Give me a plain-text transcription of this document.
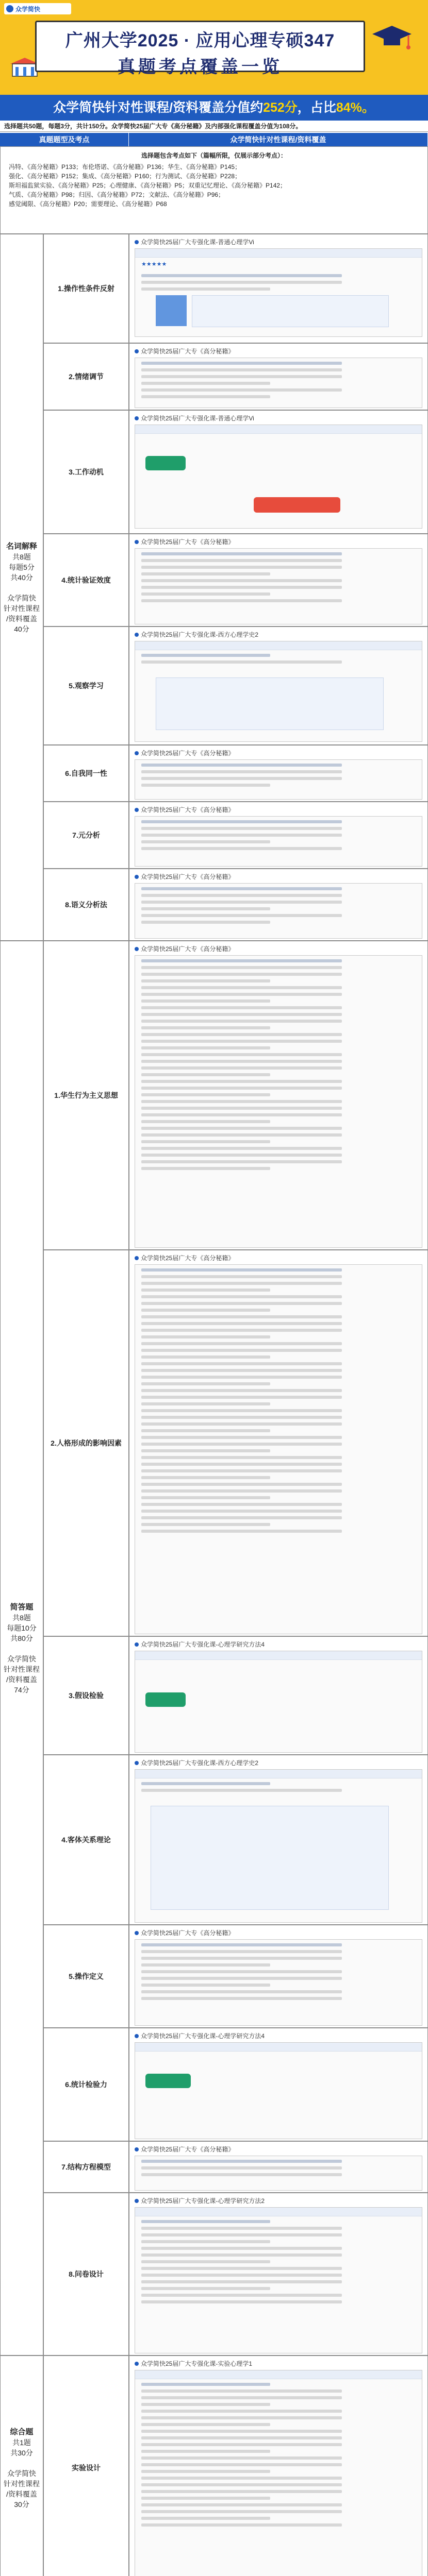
众学简快
广州大学2025 · 应用心理专硕347
真题考点覆盖一览
众学简快针对性课程/资料覆盖分值约252分，占比84%。
选择题共50题，每题3分，共计150分。众学简快25届广大专《高分秘籍》及内部强化课程覆盖分值为108分。
真题题型及考点	众学简快针对性课程/资料覆盖
选择题包含考点如下（篇幅所限，仅展示部分考点）：
冯特、《高分秘籍》P133；布伦塔诺、《高分秘籍》P136；华生、《高分秘籍》P145；
强化、《高分秘籍》P152；集成、《高分秘籍》P160；行为测试、《高分秘籍》P228；
斯坦福监狱实验、《高分秘籍》P25；心理健康、《高分秘籍》P5；双重记忆理论、《高分秘籍》P142；
气质、《高分秘籍》P98；归因、《高分秘籍》P72；文献法、《高分秘籍》P96；
感觉阈限、《高分秘籍》P20；需要理论、《高分秘籍》P68
名词解释
共8题
每题5分
共40分

众学简快
针对性课程
/资料覆盖
40分
1.操作性条件反射
众学简快25届广大专强化课-普通心理学Vi
★★★★★
2.情绪调节
众学简快25届广大专《高分秘籍》
3.工作动机
众学简快25届广大专强化课-普通心理学Vi
4.统计验证效度
众学简快25届广大专《高分秘籍》
5.观察学习
众学简快25届广大专强化课-西方心理学史2
6.自我同一性
众学简快25届广大专《高分秘籍》
7.元分析
众学简快25届广大专《高分秘籍》
8.语义分析法
众学简快25届广大专《高分秘籍》
简答题
共8题
每题10分
共80分

众学简快
针对性课程
/资料覆盖
74分
1.华生行为主义思想
众学简快25届广大专《高分秘籍》
2.人格形成的影响因素
众学简快25届广大专《高分秘籍》
3.假设检验
众学简快25届广大专强化课-心理学研究方法4
4.客体关系理论
众学简快25届广大专强化课-西方心理学史2
5.操作定义
众学简快25届广大专《高分秘籍》
6.统计检验力
众学简快25届广大专强化课-心理学研究方法4
7.结构方程模型
众学简快25届广大专《高分秘籍》
8.问卷设计
众学简快25届广大专强化课-心理学研究方法2
综合题
共1题
共30分

众学简快
针对性课程
/资料覆盖
30分
实验设计
众学简快25届广大专强化课-实验心理学1
